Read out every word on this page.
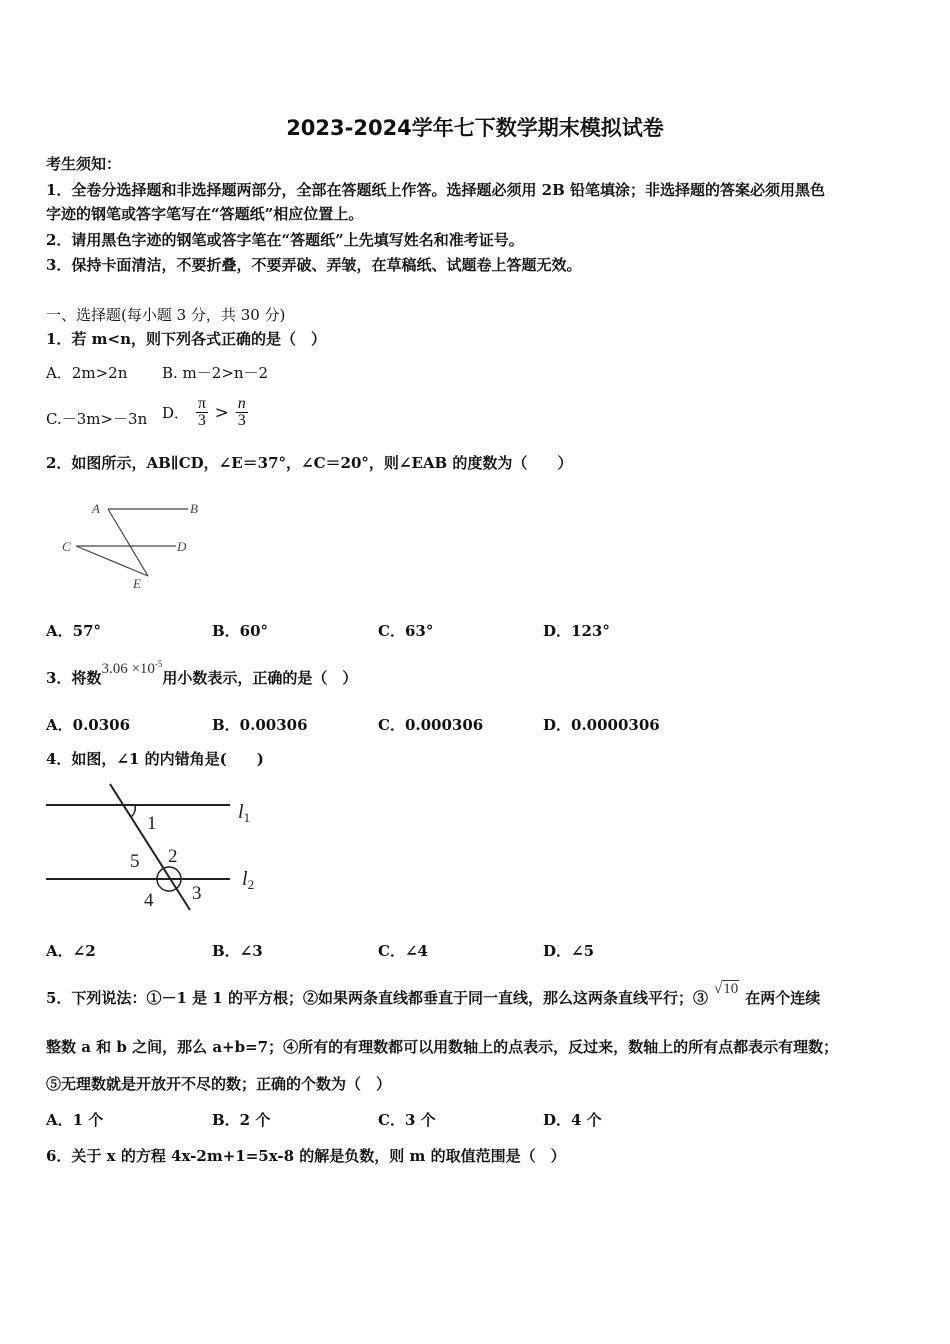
2023-2024学年七下数学期末模拟试卷
考生须知：
1．全卷分选择题和非选择题两部分，全部在答题纸上作答。选择题必须用 2B 铅笔填涂；非选择题的答案必须用黑色
字迹的钢笔或答字笔写在“答题纸”相应位置上。
2．请用黑色字迹的钢笔或答字笔在“答题纸”上先填写姓名和准考证号。
3．保持卡面清洁，不要折叠，不要弄破、弄皱，在草稿纸、试题卷上答题无效。
一、选择题(每小题 3 分，共 30 分)
1．若 m<n，则下列各式正确的是（　）
A．2m>2n B. m－2>n－2
C.－3m>－3n D． $\frac{\pi}{3} > \frac{n}{3}$
2．如图所示，AB∥CD，∠E＝37°，∠C＝20°，则∠EAB 的度数为（　　）
A	B
C	D
E
A．57°	B．60°	C．63°	D．123°
3．将数$3.06 \times 10^{-5}$用小数表示，正确的是（　）
A．0.0306	B．0.00306	C．0.000306	D．0.0000306
4．如图，∠1 的内错角是(　　)
1
2
5
4 3
$l_1$
$l_2$
A．∠2	B．∠3	C．∠4	D．∠5
5．下列说法：①－1 是 1 的平方根；②如果两条直线都垂直于同一直线，那么这两条直线平行；③ √10 在两个连续
整数 a 和 b 之间，那么 a+b=7；④所有的有理数都可以用数轴上的点表示，反过来，数轴上的所有点都表示有理数；
⑤无理数就是开放开不尽的数；正确的个数为（　）
A．1 个	B．2 个	C．3 个	D．4 个
6．关于 x 的方程 4x-2m+1=5x-8 的解是负数，则 m 的取值范围是（　）
